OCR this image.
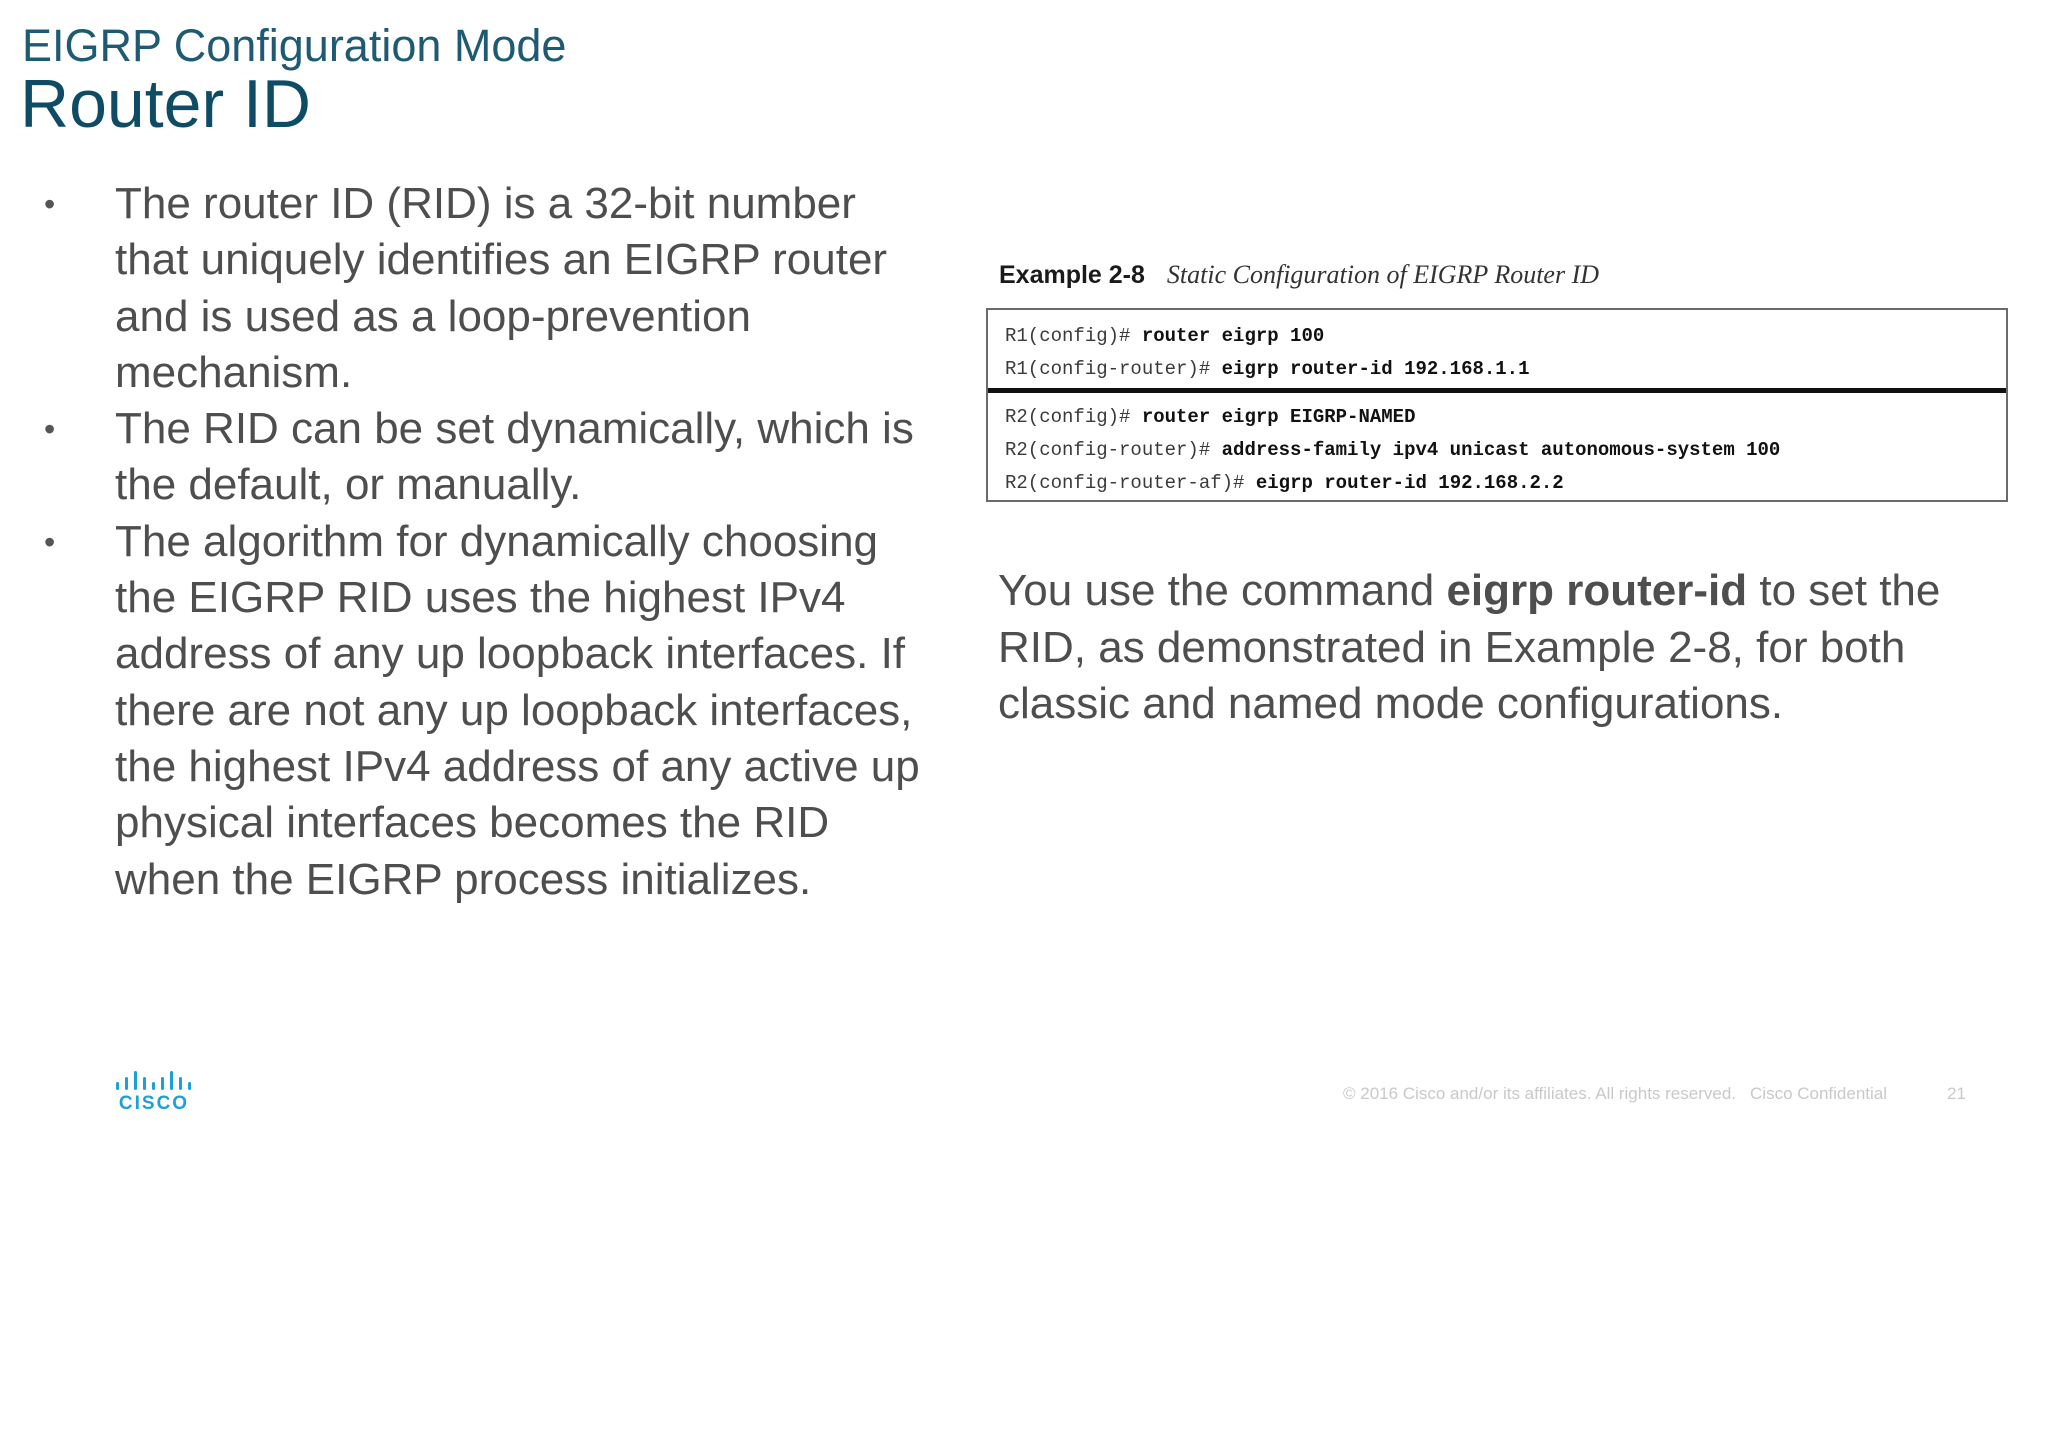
EIGRP Configuration Mode
Router ID
• The router ID (RID) is a 32-bit number that uniquely identifies an EIGRP router and is used as a loop-prevention mechanism.
• The RID can be set dynamically, which is the default, or manually.
• The algorithm for dynamically choosing the EIGRP RID uses the highest IPv4 address of any up loopback interfaces. If there are not any up loopback interfaces, the highest IPv4 address of any active up physical interfaces becomes the RID when the EIGRP process initializes.
Example 2-8 Static Configuration of EIGRP Router ID
R1(config)# router eigrp 100
R1(config-router)# eigrp router-id 192.168.1.1
R2(config)# router eigrp EIGRP-NAMED
R2(config-router)# address-family ipv4 unicast autonomous-system 100
R2(config-router-af)# eigrp router-id 192.168.2.2

You use the command eigrp router-id to set the RID, as demonstrated in Example 2-8, for both classic and named mode configurations.

CISCO	© 2016 Cisco and/or its affiliates. All rights reserved. Cisco Confidential	21
